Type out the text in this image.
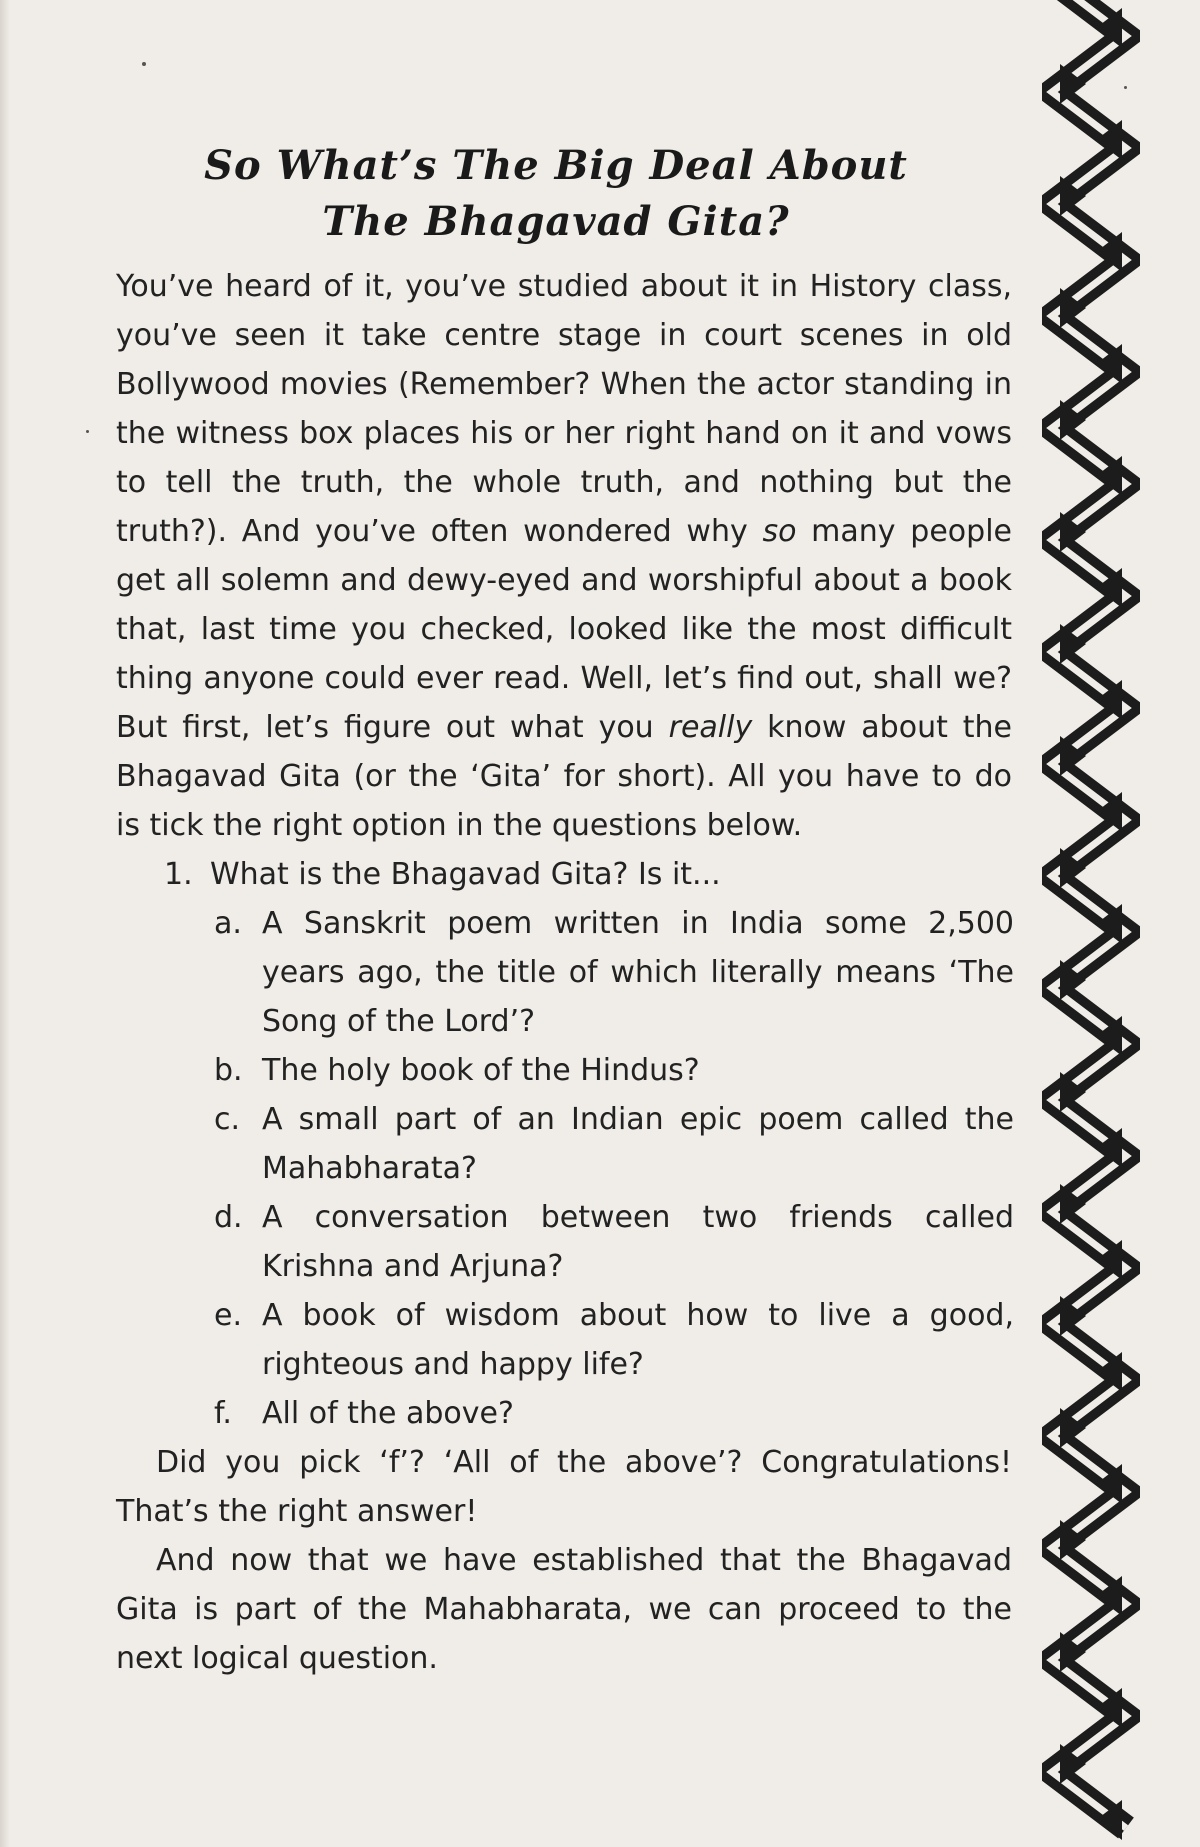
So What’s The Big Deal About
The Bhagavad Gita?

You’ve heard of it, you’ve studied about it in History class, you’ve seen it take centre stage in court scenes in old Bollywood movies (Remember? When the actor standing in the witness box places his or her right hand on it and vows to tell the truth, the whole truth, and nothing but the truth?). And you’ve often wondered why so many people get all solemn and dewy-eyed and worshipful about a book that, last time you checked, looked like the most difficult thing anyone could ever read. Well, let’s find out, shall we? But first, let’s figure out what you really know about the Bhagavad Gita (or the ‘Gita’ for short). All you have to do is tick the right option in the questions below.

1. What is the Bhagavad Gita? Is it...
a. A Sanskrit poem written in India some 2,500 years ago, the title of which literally means ‘The Song of the Lord’?
b. The holy book of the Hindus?
c. A small part of an Indian epic poem called the Mahabharata?
d. A conversation between two friends called Krishna and Arjuna?
e. A book of wisdom about how to live a good, righteous and happy life?
f.	All of the above?

Did you pick ‘f’? ‘All of the above’? Congratulations! That’s the right answer!

And now that we have established that the Bhagavad Gita is part of the Mahabharata, we can proceed to the next logical question.
